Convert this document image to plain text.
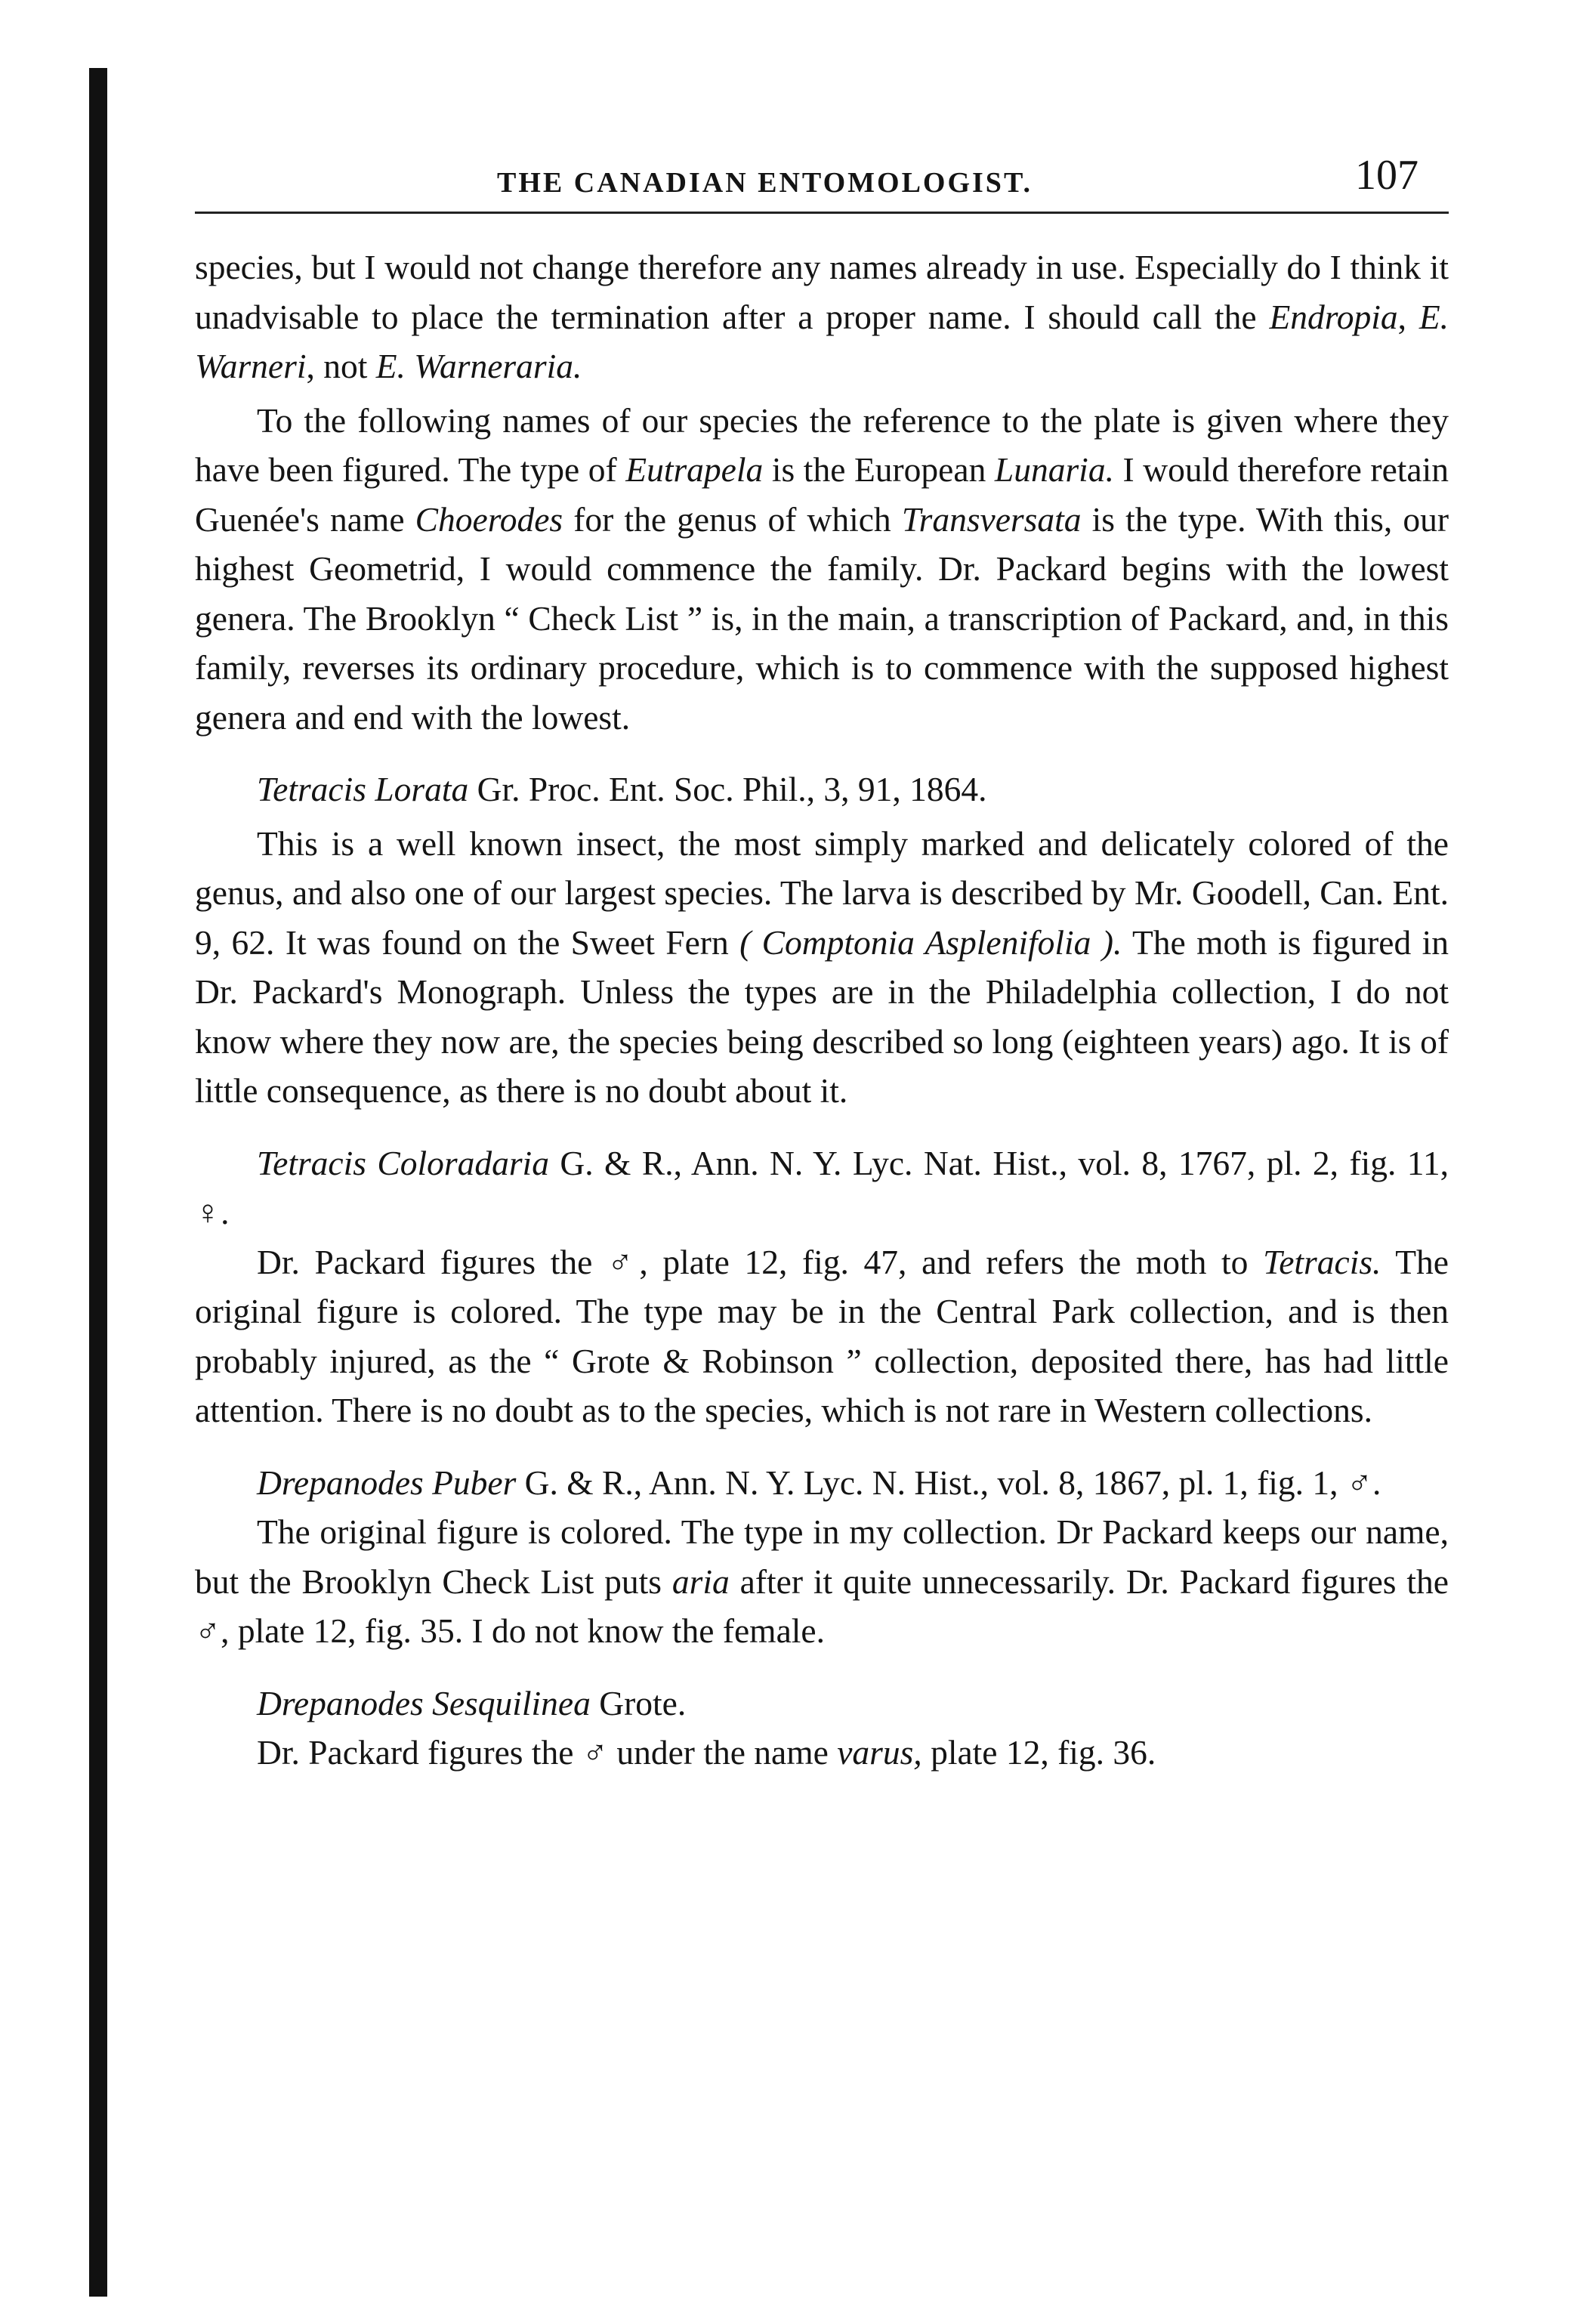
THE CANADIAN ENTOMOLOGIST.	107

species, but I would not change therefore any names already in use. Especially do I think it unadvisable to place the termination after a proper name. I should call the Endropia, E. Warneri, not E. Warneraria.

To the following names of our species the reference to the plate is given where they have been figured. The type of Eutrapela is the European Lunaria. I would therefore retain Guenée's name Choerodes for the genus of which Transversata is the type. With this, our highest Geometrid, I would commence the family. Dr. Packard begins with the lowest genera. The Brooklyn “ Check List ” is, in the main, a transcription of Packard, and, in this family, reverses its ordinary procedure, which is to commence with the supposed highest genera and end with the lowest.

Tetracis Lorata Gr. Proc. Ent. Soc. Phil., 3, 91, 1864.

This is a well known insect, the most simply marked and delicately colored of the genus, and also one of our largest species. The larva is described by Mr. Goodell, Can. Ent. 9, 62. It was found on the Sweet Fern ( Comptonia Asplenifolia ). The moth is figured in Dr. Packard's Monograph. Unless the types are in the Philadelphia collection, I do not know where they now are, the species being described so long (eighteen years) ago. It is of little consequence, as there is no doubt about it.

Tetracis Coloradaria G. & R., Ann. N. Y. Lyc. Nat. Hist., vol. 8, 1767, pl. 2, fig. 11, ♀.

Dr. Packard figures the ♂, plate 12, fig. 47, and refers the moth to Tetracis. The original figure is colored. The type may be in the Central Park collection, and is then probably injured, as the “ Grote & Robinson ” collection, deposited there, has had little attention. There is no doubt as to the species, which is not rare in Western collections.

Drepanodes Puber G. & R., Ann. N. Y. Lyc. N. Hist., vol. 8, 1867, pl. 1, fig. 1, ♂.

The original figure is colored. The type in my collection. Dr Packard keeps our name, but the Brooklyn Check List puts aria after it quite unnecessarily. Dr. Packard figures the ♂, plate 12, fig. 35. I do not know the female.

Drepanodes Sesquilinea Grote.

Dr. Packard figures the ♂ under the name varus, plate 12, fig. 36.
